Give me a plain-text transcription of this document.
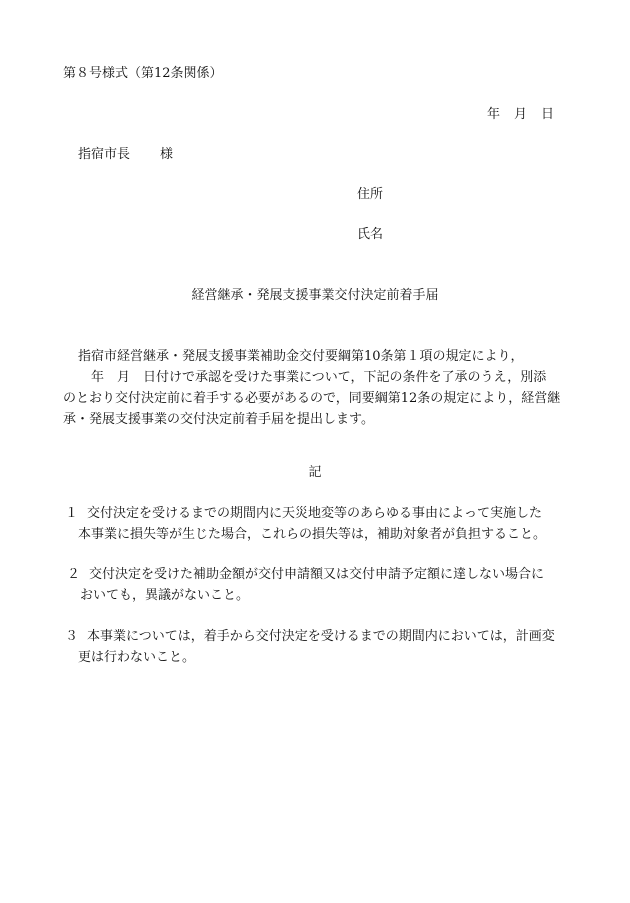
第８号様式（第12条関係）
年 月 日
指宿市長 様
住所
氏名
経営継承・発展支援事業交付決定前着手届
指宿市経営継承・発展支援事業補助金交付要綱第10条第１項の規定により，
年　月　日付けで承認を受けた事業について，下記の条件を了承のうえ，別添
のとおり交付決定前に着手する必要があるので，同要綱第12条の規定により，経営継
承・発展支援事業の交付決定前着手届を提出します。
記
１ 交付決定を受けるまでの期間内に天災地変等のあらゆる事由によって実施した
本事業に損失等が生じた場合，これらの損失等は，補助対象者が負担すること。
２ 交付決定を受けた補助金額が交付申請額又は交付申請予定額に達しない場合に
おいても，異議がないこと。
３ 本事業については，着手から交付決定を受けるまでの期間内においては，計画変
更は行わないこと。
